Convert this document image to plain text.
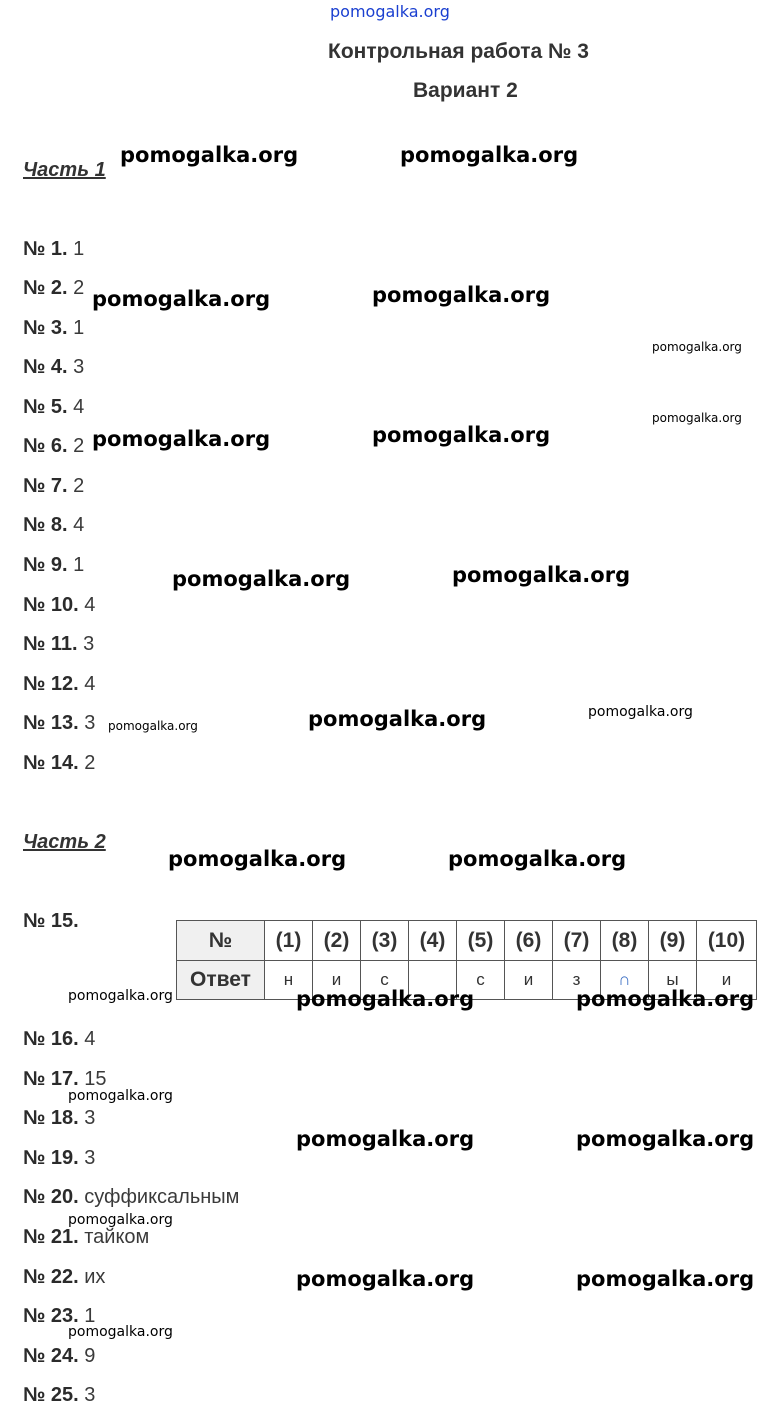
pomogalka.org
Контрольная работа № 3
Вариант 2
Часть 1
№ 1. 1
№ 2. 2
№ 3. 1
№ 4. 3
№ 5. 4
№ 6. 2
№ 7. 2
№ 8. 4
№ 9. 1
№ 10. 4
№ 11. 3
№ 12. 4
№ 13. 3
№ 14. 2
Часть 2
№ 15.
№	(1)	(2)	(3)	(4)	(5)	(6)	(7)	(8)	(9)	(10)
Ответ	н	и	с		с	и	з	∩	ы	и
№ 16. 4
№ 17. 15
№ 18. 3
№ 19. 3
№ 20. суффиксальным
№ 21. тайком
№ 22. их
№ 23. 1
№ 24. 9
№ 25. 3
pomogalka.org	pomogalka.org
pomogalka.org	pomogalka.org
pomogalka.org	pomogalka.org
pomogalka.org	pomogalka.org
pomogalka.org
pomogalka.org	pomogalka.org
pomogalka.org	pomogalka.org
pomogalka.org	pomogalka.org
pomogalka.org	pomogalka.org
pomogalka.org
pomogalka.org
pomogalka.org
pomogalka.org
pomogalka.org
pomogalka.org
pomogalka.org
pomogalka.org
